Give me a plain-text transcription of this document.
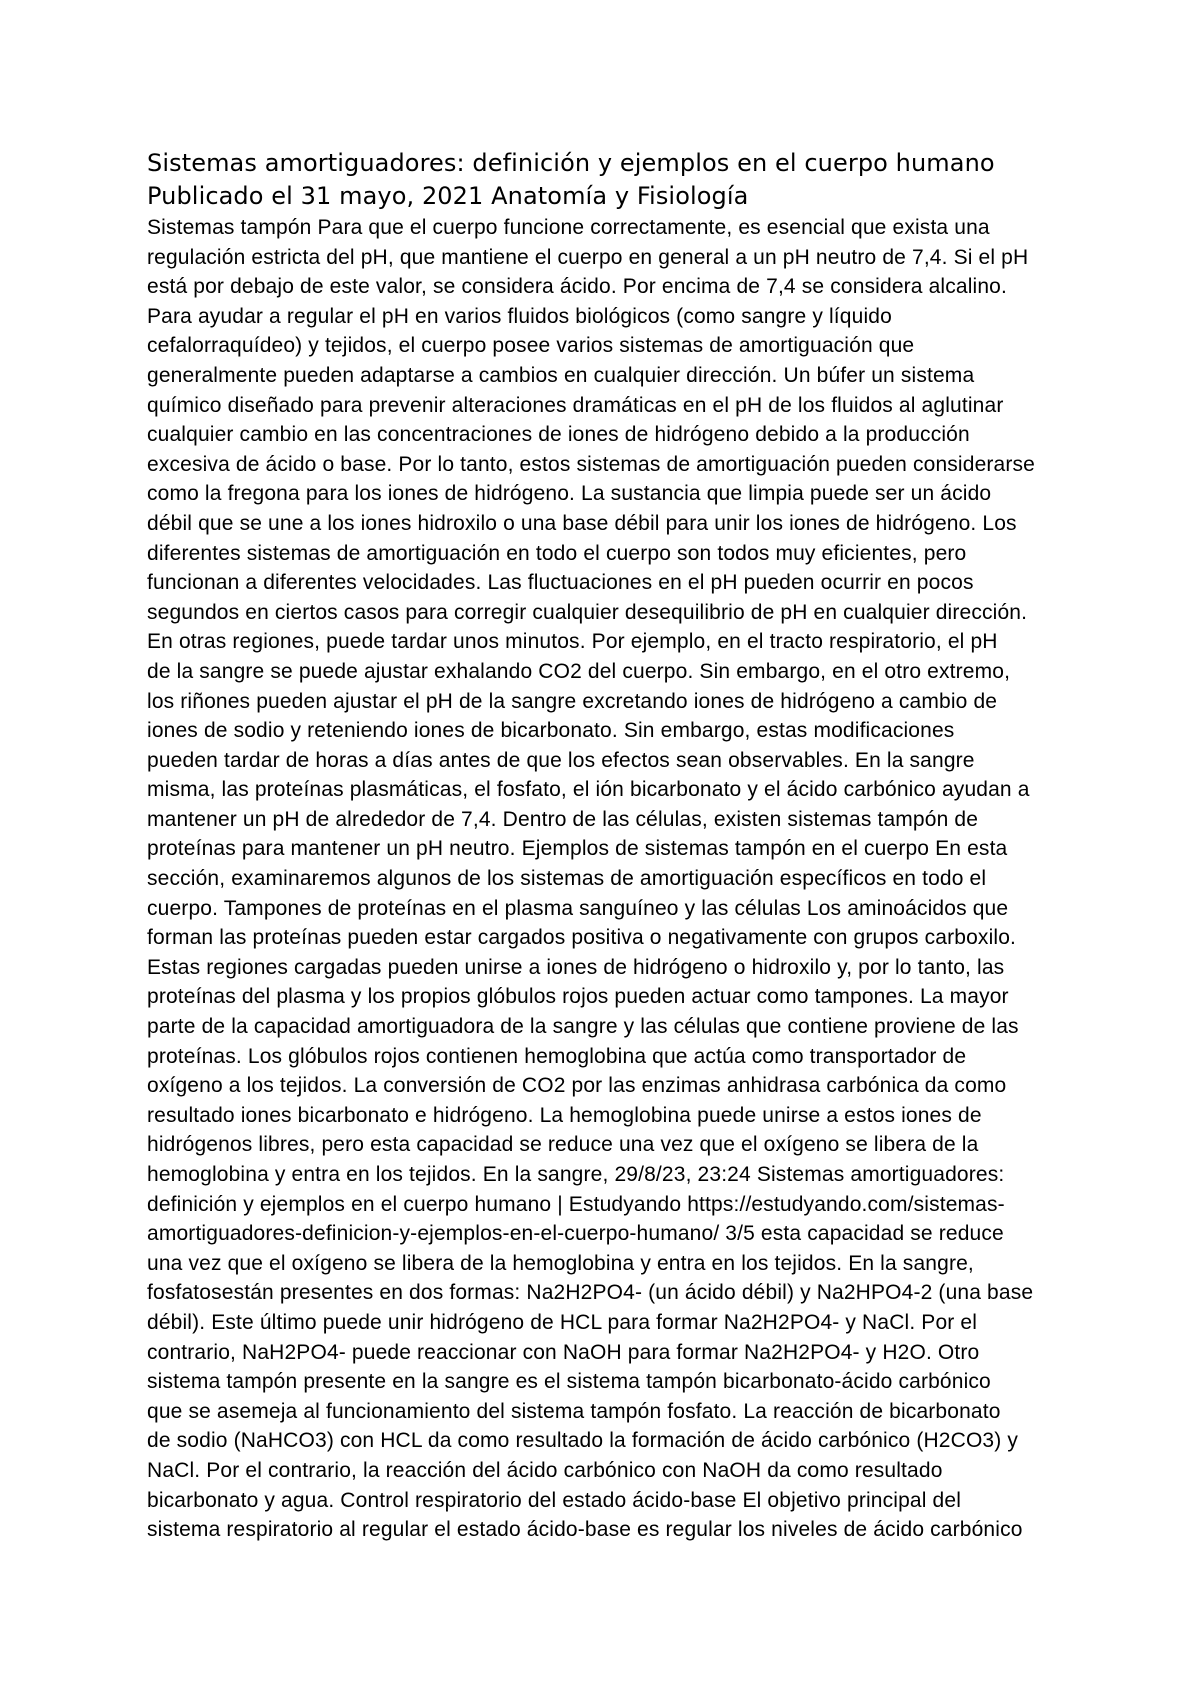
Sistemas amortiguadores: definición y ejemplos en el cuerpo humano
Publicado el 31 mayo, 2021 Anatomía y Fisiología
Sistemas tampón Para que el cuerpo funcione correctamente, es esencial que exista una
regulación estricta del pH, que mantiene el cuerpo en general a un pH neutro de 7,4. Si el pH
está por debajo de este valor, se considera ácido. Por encima de 7,4 se considera alcalino.
Para ayudar a regular el pH en varios fluidos biológicos (como sangre y líquido
cefalorraquídeo) y tejidos, el cuerpo posee varios sistemas de amortiguación que
generalmente pueden adaptarse a cambios en cualquier dirección. Un búfer un sistema
químico diseñado para prevenir alteraciones dramáticas en el pH de los fluidos al aglutinar
cualquier cambio en las concentraciones de iones de hidrógeno debido a la producción
excesiva de ácido o base. Por lo tanto, estos sistemas de amortiguación pueden considerarse
como la fregona para los iones de hidrógeno. La sustancia que limpia puede ser un ácido
débil que se une a los iones hidroxilo o una base débil para unir los iones de hidrógeno. Los
diferentes sistemas de amortiguación en todo el cuerpo son todos muy eficientes, pero
funcionan a diferentes velocidades. Las fluctuaciones en el pH pueden ocurrir en pocos
segundos en ciertos casos para corregir cualquier desequilibrio de pH en cualquier dirección.
En otras regiones, puede tardar unos minutos. Por ejemplo, en el tracto respiratorio, el pH
de la sangre se puede ajustar exhalando CO2 del cuerpo. Sin embargo, en el otro extremo,
los riñones pueden ajustar el pH de la sangre excretando iones de hidrógeno a cambio de
iones de sodio y reteniendo iones de bicarbonato. Sin embargo, estas modificaciones
pueden tardar de horas a días antes de que los efectos sean observables. En la sangre
misma, las proteínas plasmáticas, el fosfato, el ión bicarbonato y el ácido carbónico ayudan a
mantener un pH de alrededor de 7,4. Dentro de las células, existen sistemas tampón de
proteínas para mantener un pH neutro. Ejemplos de sistemas tampón en el cuerpo En esta
sección, examinaremos algunos de los sistemas de amortiguación específicos en todo el
cuerpo. Tampones de proteínas en el plasma sanguíneo y las células Los aminoácidos que
forman las proteínas pueden estar cargados positiva o negativamente con grupos carboxilo.
Estas regiones cargadas pueden unirse a iones de hidrógeno o hidroxilo y, por lo tanto, las
proteínas del plasma y los propios glóbulos rojos pueden actuar como tampones. La mayor
parte de la capacidad amortiguadora de la sangre y las células que contiene proviene de las
proteínas. Los glóbulos rojos contienen hemoglobina que actúa como transportador de
oxígeno a los tejidos. La conversión de CO2 por las enzimas anhidrasa carbónica da como
resultado iones bicarbonato e hidrógeno. La hemoglobina puede unirse a estos iones de
hidrógenos libres, pero esta capacidad se reduce una vez que el oxígeno se libera de la
hemoglobina y entra en los tejidos. En la sangre, 29/8/23, 23:24 Sistemas amortiguadores:
definición y ejemplos en el cuerpo humano | Estudyando https://estudyando.com/sistemas-
amortiguadores-definicion-y-ejemplos-en-el-cuerpo-humano/ 3/5 esta capacidad se reduce
una vez que el oxígeno se libera de la hemoglobina y entra en los tejidos. En la sangre,
fosfatosestán presentes en dos formas: Na2H2PO4- (un ácido débil) y Na2HPO4-2 (una base
débil). Este último puede unir hidrógeno de HCL para formar Na2H2PO4- y NaCl. Por el
contrario, NaH2PO4- puede reaccionar con NaOH para formar Na2H2PO4- y H2O. Otro
sistema tampón presente en la sangre es el sistema tampón bicarbonato-ácido carbónico
que se asemeja al funcionamiento del sistema tampón fosfato. La reacción de bicarbonato
de sodio (NaHCO3) con HCL da como resultado la formación de ácido carbónico (H2CO3) y
NaCl. Por el contrario, la reacción del ácido carbónico con NaOH da como resultado
bicarbonato y agua. Control respiratorio del estado ácido-base El objetivo principal del
sistema respiratorio al regular el estado ácido-base es regular los niveles de ácido carbónico
